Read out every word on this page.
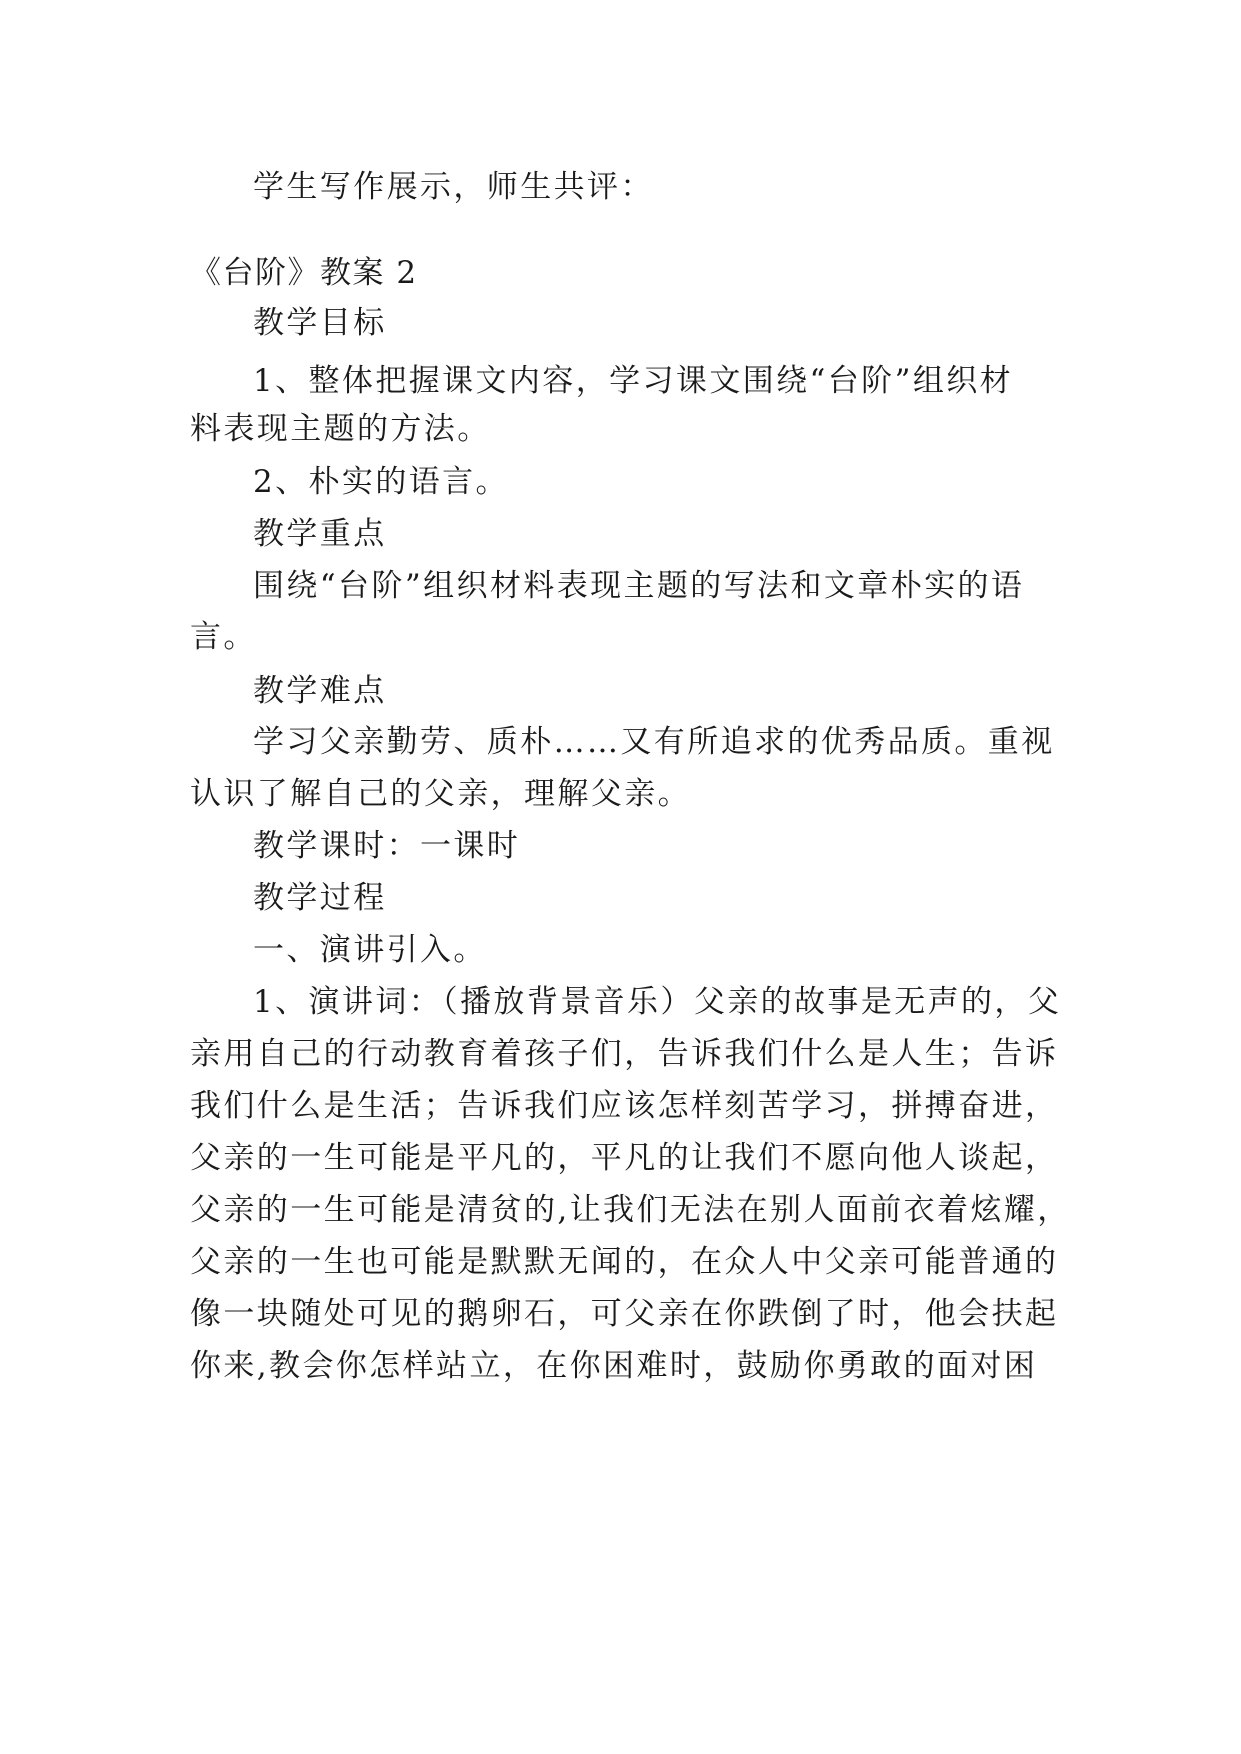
学生写作展示，师生共评：
《台阶》教案 2
教学目标
1、整体把握课文内容，学习课文围绕“台阶”组织材
料表现主题的方法。
2、朴实的语言。
教学重点
围绕“台阶”组织材料表现主题的写法和文章朴实的语
言。
教学难点
学习父亲勤劳、质朴……又有所追求的优秀品质。重视
认识了解自己的父亲，理解父亲。
教学课时：一课时
教学过程
一、演讲引入。
1、演讲词：（播放背景音乐）父亲的故事是无声的，父
亲用自己的行动教育着孩子们，告诉我们什么是人生；告诉
我们什么是生活；告诉我们应该怎样刻苦学习，拼搏奋进，
父亲的一生可能是平凡的，平凡的让我们不愿向他人谈起，
父亲的一生可能是清贫的,让我们无法在别人面前衣着炫耀，
父亲的一生也可能是默默无闻的，在众人中父亲可能普通的
像一块随处可见的鹅卵石，可父亲在你跌倒了时，他会扶起
你来,教会你怎样站立，在你困难时，鼓励你勇敢的面对困
